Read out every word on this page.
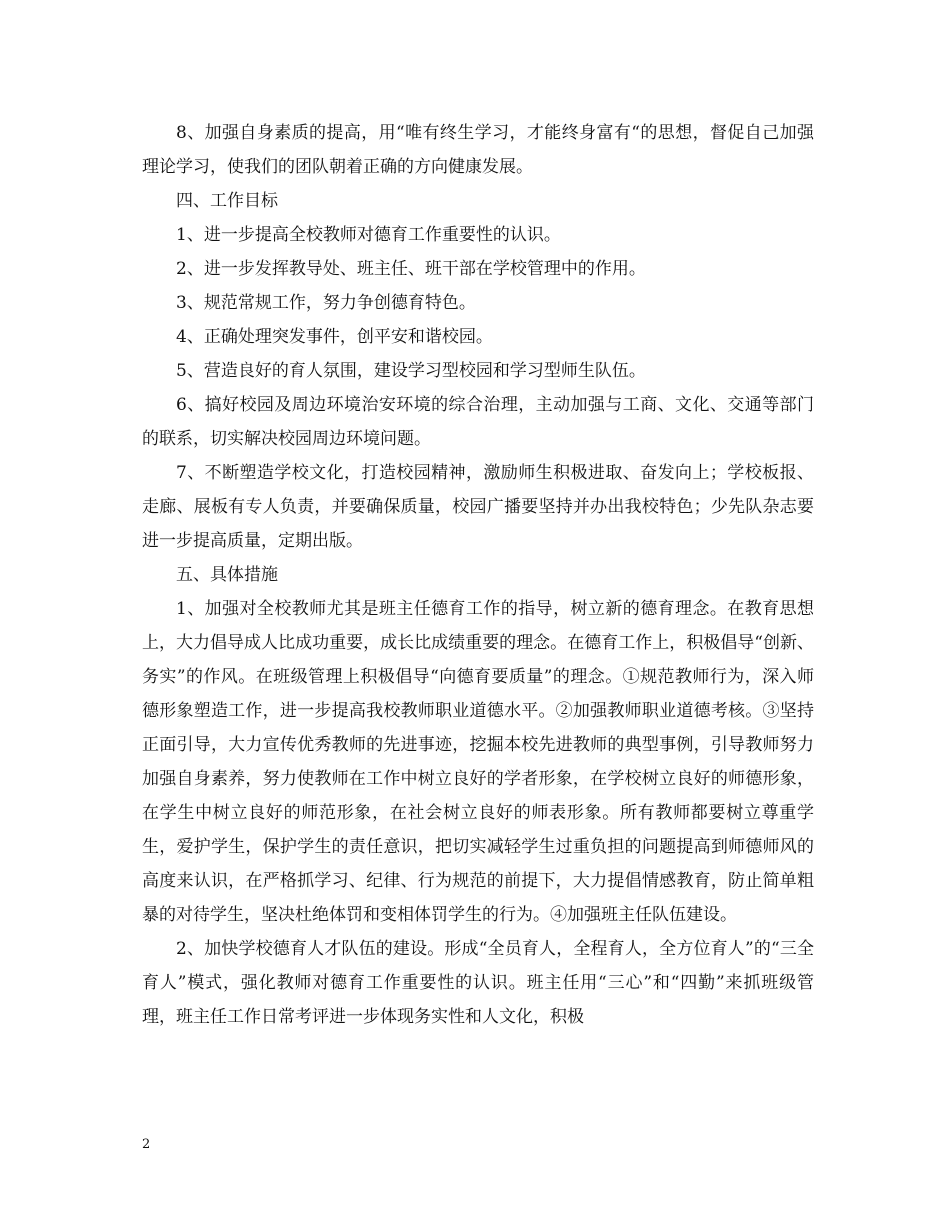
8、加强自身素质的提高，用“唯有终生学习，才能终身富有“的思想，督促自己加强理论学习，使我们的团队朝着正确的方向健康发展。

四、工作目标

1、进一步提高全校教师对德育工作重要性的认识。

2、进一步发挥教导处、班主任、班干部在学校管理中的作用。

3、规范常规工作，努力争创德育特色。

4、正确处理突发事件，创平安和谐校园。

5、营造良好的育人氛围，建设学习型校园和学习型师生队伍。

6、搞好校园及周边环境治安环境的综合治理，主动加强与工商、文化、交通等部门的联系，切实解决校园周边环境问题。

7、不断塑造学校文化，打造校园精神，激励师生积极进取、奋发向上；学校板报、走廊、展板有专人负责，并要确保质量，校园广播要坚持并办出我校特色；少先队杂志要进一步提高质量，定期出版。

五、具体措施

1、加强对全校教师尤其是班主任德育工作的指导，树立新的德育理念。在教育思想上，大力倡导成人比成功重要，成长比成绩重要的理念。在德育工作上，积极倡导“创新、务实”的作风。在班级管理上积极倡导“向德育要质量”的理念。①规范教师行为，深入师德形象塑造工作，进一步提高我校教师职业道德水平。②加强教师职业道德考核。③坚持正面引导，大力宣传优秀教师的先进事迹，挖掘本校先进教师的典型事例，引导教师努力加强自身素养，努力使教师在工作中树立良好的学者形象，在学校树立良好的师德形象，在学生中树立良好的师范形象，在社会树立良好的师表形象。所有教师都要树立尊重学生，爱护学生，保护学生的责任意识，把切实减轻学生过重负担的问题提高到师德师风的高度来认识，在严格抓学习、纪律、行为规范的前提下，大力提倡情感教育，防止简单粗暴的对待学生，坚决杜绝体罚和变相体罚学生的行为。④加强班主任队伍建设。

2、加快学校德育人才队伍的建设。形成“全员育人，全程育人，全方位育人”的“三全育人”模式，强化教师对德育工作重要性的认识。班主任用“三心”和“四勤”来抓班级管理，班主任工作日常考评进一步体现务实性和人文化，积极

2
